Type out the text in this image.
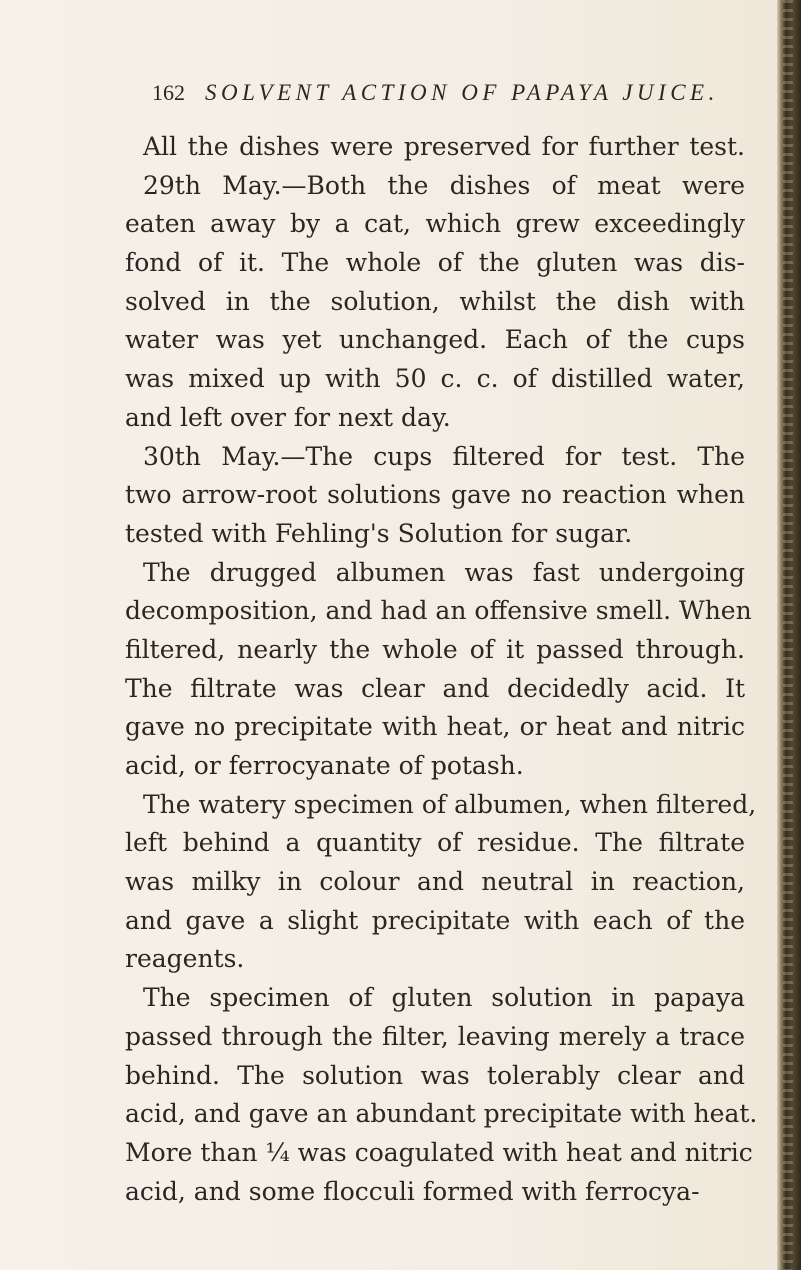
162 SOLVENT ACTION OF PAPAYA JUICE.
All the dishes were preserved for further test.
29th May.—Both the dishes of meat were
eaten away by a cat, which grew exceedingly
fond of it. The whole of the gluten was dis-
solved in the solution, whilst the dish with
water was yet unchanged. Each of the cups
was mixed up with 50 c. c. of distilled water,
and left over for next day.
30th May.—The cups filtered for test. The
two arrow-root solutions gave no reaction when
tested with Fehling's Solution for sugar.
The drugged albumen was fast undergoing
decomposition, and had an offensive smell. When
filtered, nearly the whole of it passed through.
The filtrate was clear and decidedly acid. It
gave no precipitate with heat, or heat and nitric
acid, or ferrocyanate of potash.
The watery specimen of albumen, when filtered,
left behind a quantity of residue. The filtrate
was milky in colour and neutral in reaction,
and gave a slight precipitate with each of the
reagents.
The specimen of gluten solution in papaya
passed through the filter, leaving merely a trace
behind. The solution was tolerably clear and
acid, and gave an abundant precipitate with heat.
More than ¼ was coagulated with heat and nitric
acid, and some flocculi formed with ferrocya-
